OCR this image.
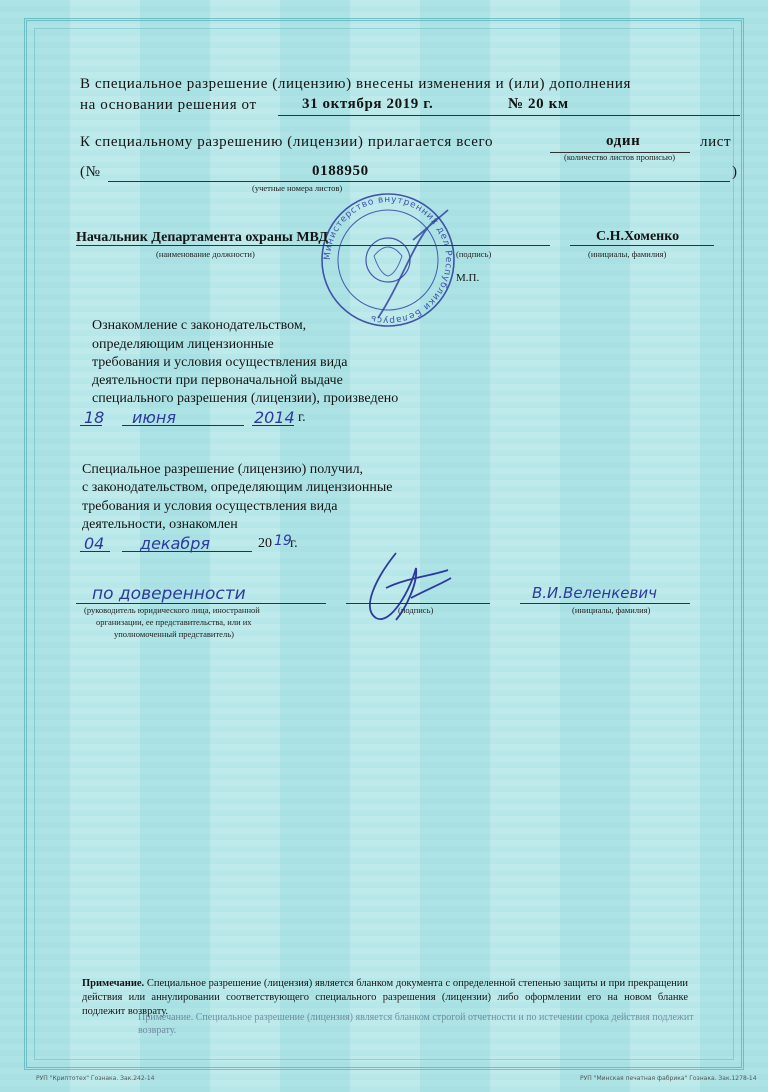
В специальное разрешение (лицензию) внесены изменения и (или) дополнения
на основании решения от	31 октября 2019 г.	№ 20 км
К специальному разрешению (лицензии) прилагается всего	один	лист
(количество листов прописью)
(№	0188950	)
(учетные номера листов)
Министерство внутренних дел Республики Беларусь
Начальник Департамента охраны МВД
(наименование должности)	(подпись)
С.Н.Хоменко
(инициалы, фамилия)
М.П.
Ознакомление с законодательством,
определяющим лицензионные
требования и условия осуществления вида
деятельности при первоначальной выдаче
специального разрешения (лицензии), произведено
18 июня	2014 г.
Специальное разрешение (лицензию) получил,
с законодательством, определяющим лицензионные
требования и условия осуществления вида
деятельности, ознакомлен
04 декабря	20 19
г.
по доверенности
(руководитель юридического лица, иностранной
организации, ее представительства, или их
уполномоченный представитель)
(подпись)
В.И.Веленкевич
(инициалы, фамилия)
Примечание. Специальное разрешение (лицензия) является бланком документа с определенной степенью защиты и при прекращении действия или аннулировании соответствующего специального разрешения (лицензии) либо оформлении его на новом бланке подлежит возврату.
Примечание. Специальное разрешение (лицензия) является бланком строгой отчетности и по истечении срока действия подлежит возврату.
РУП "Криптотех" Гознака. Зак.242-14	РУП "Минская печатная фабрика" Гознака. Зак.1278-14
